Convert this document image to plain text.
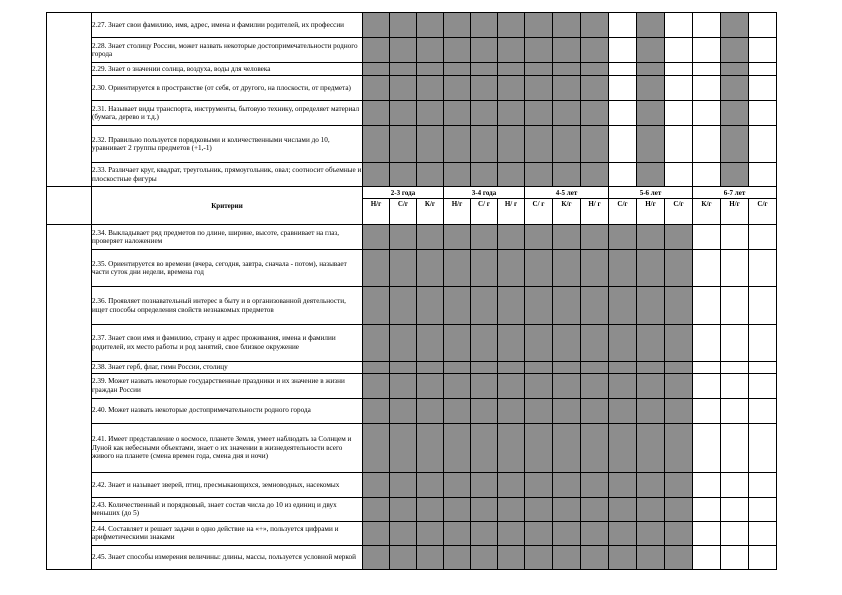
	2.27. Знает свои фамилию, имя, адрес, имена и фамилии родителей, их профессии															
	2.28. Знает столицу России, может назвать некоторые достопримечательности родного города															
	2.29. Знает о значении солнца, воздуха, воды для человека															
	2.30. Ориентируется в пространстве (от себя, от другого, на плоскости, от предмета)															
	2.31. Называет виды транспорта, инструменты, бытовую технику, определяет материал (бумага, дерево и т.д.)															
	2.32. Правильно пользуется порядковыми и количественными числами до 10, уравнивает 2 группы предметов (+1,-1)															
	2.33. Различает круг, квадрат, треугольник, прямоугольник, овал; соотносит объемные и плоскостные фигуры															
	Критерии	2-3 года			3-4 года			4-5 лет			5-6 лет			6-7 лет		
		Н/г	С/г	К/г	Н/г	С/ г	Н/ г	С/ г	К/г	Н/ г	С/г	Н/г	С/г	К/г	Н/г	С/г
	2.34. Выкладывает ряд предметов по длине, ширине, высоте, сравнивает на глаз, проверяет наложением															
	2.35. Ориентируется во времени (вчера, сегодня, завтра, сначала - потом), называет части суток дни недели, времена год															
	2.36. Проявляет познавательный интерес в быту и в организованной деятельности, ищет способы определения свойств незнакомых предметов															
	2.37. Знает свои имя и фамилию, страну и адрес проживания, имена и фамилии родителей, их место работы и род занятий, свое близкое окружение															
	2.38. Знает герб, флаг, гимн России, столицу															
	2.39. Может назвать некоторые государственные праздники и их значение в жизни граждан России															
	2.40. Может назвать некоторые достопримечательности родного города															
	2.41. Имеет представление о космосе, планете Земля, умеет наблюдать за Солнцем и Луной как небесными объектами, знает о их значении в жизнедеятельности всего живого на планете (смена времен года, смена дня и ночи)															
	2.42. Знает и называет зверей, птиц, пресмыкающихся, земноводных, насекомых															
	2.43. Количественный и порядковый, знает состав числа до 10 из единиц и двух меньших (до 5)															
	2.44. Составляет и решает задачи в одно действие на «+», пользуется цифрами и арифметическими знаками															
	2.45. Знает способы измерения величины: длины, массы, пользуется условной меркой															
